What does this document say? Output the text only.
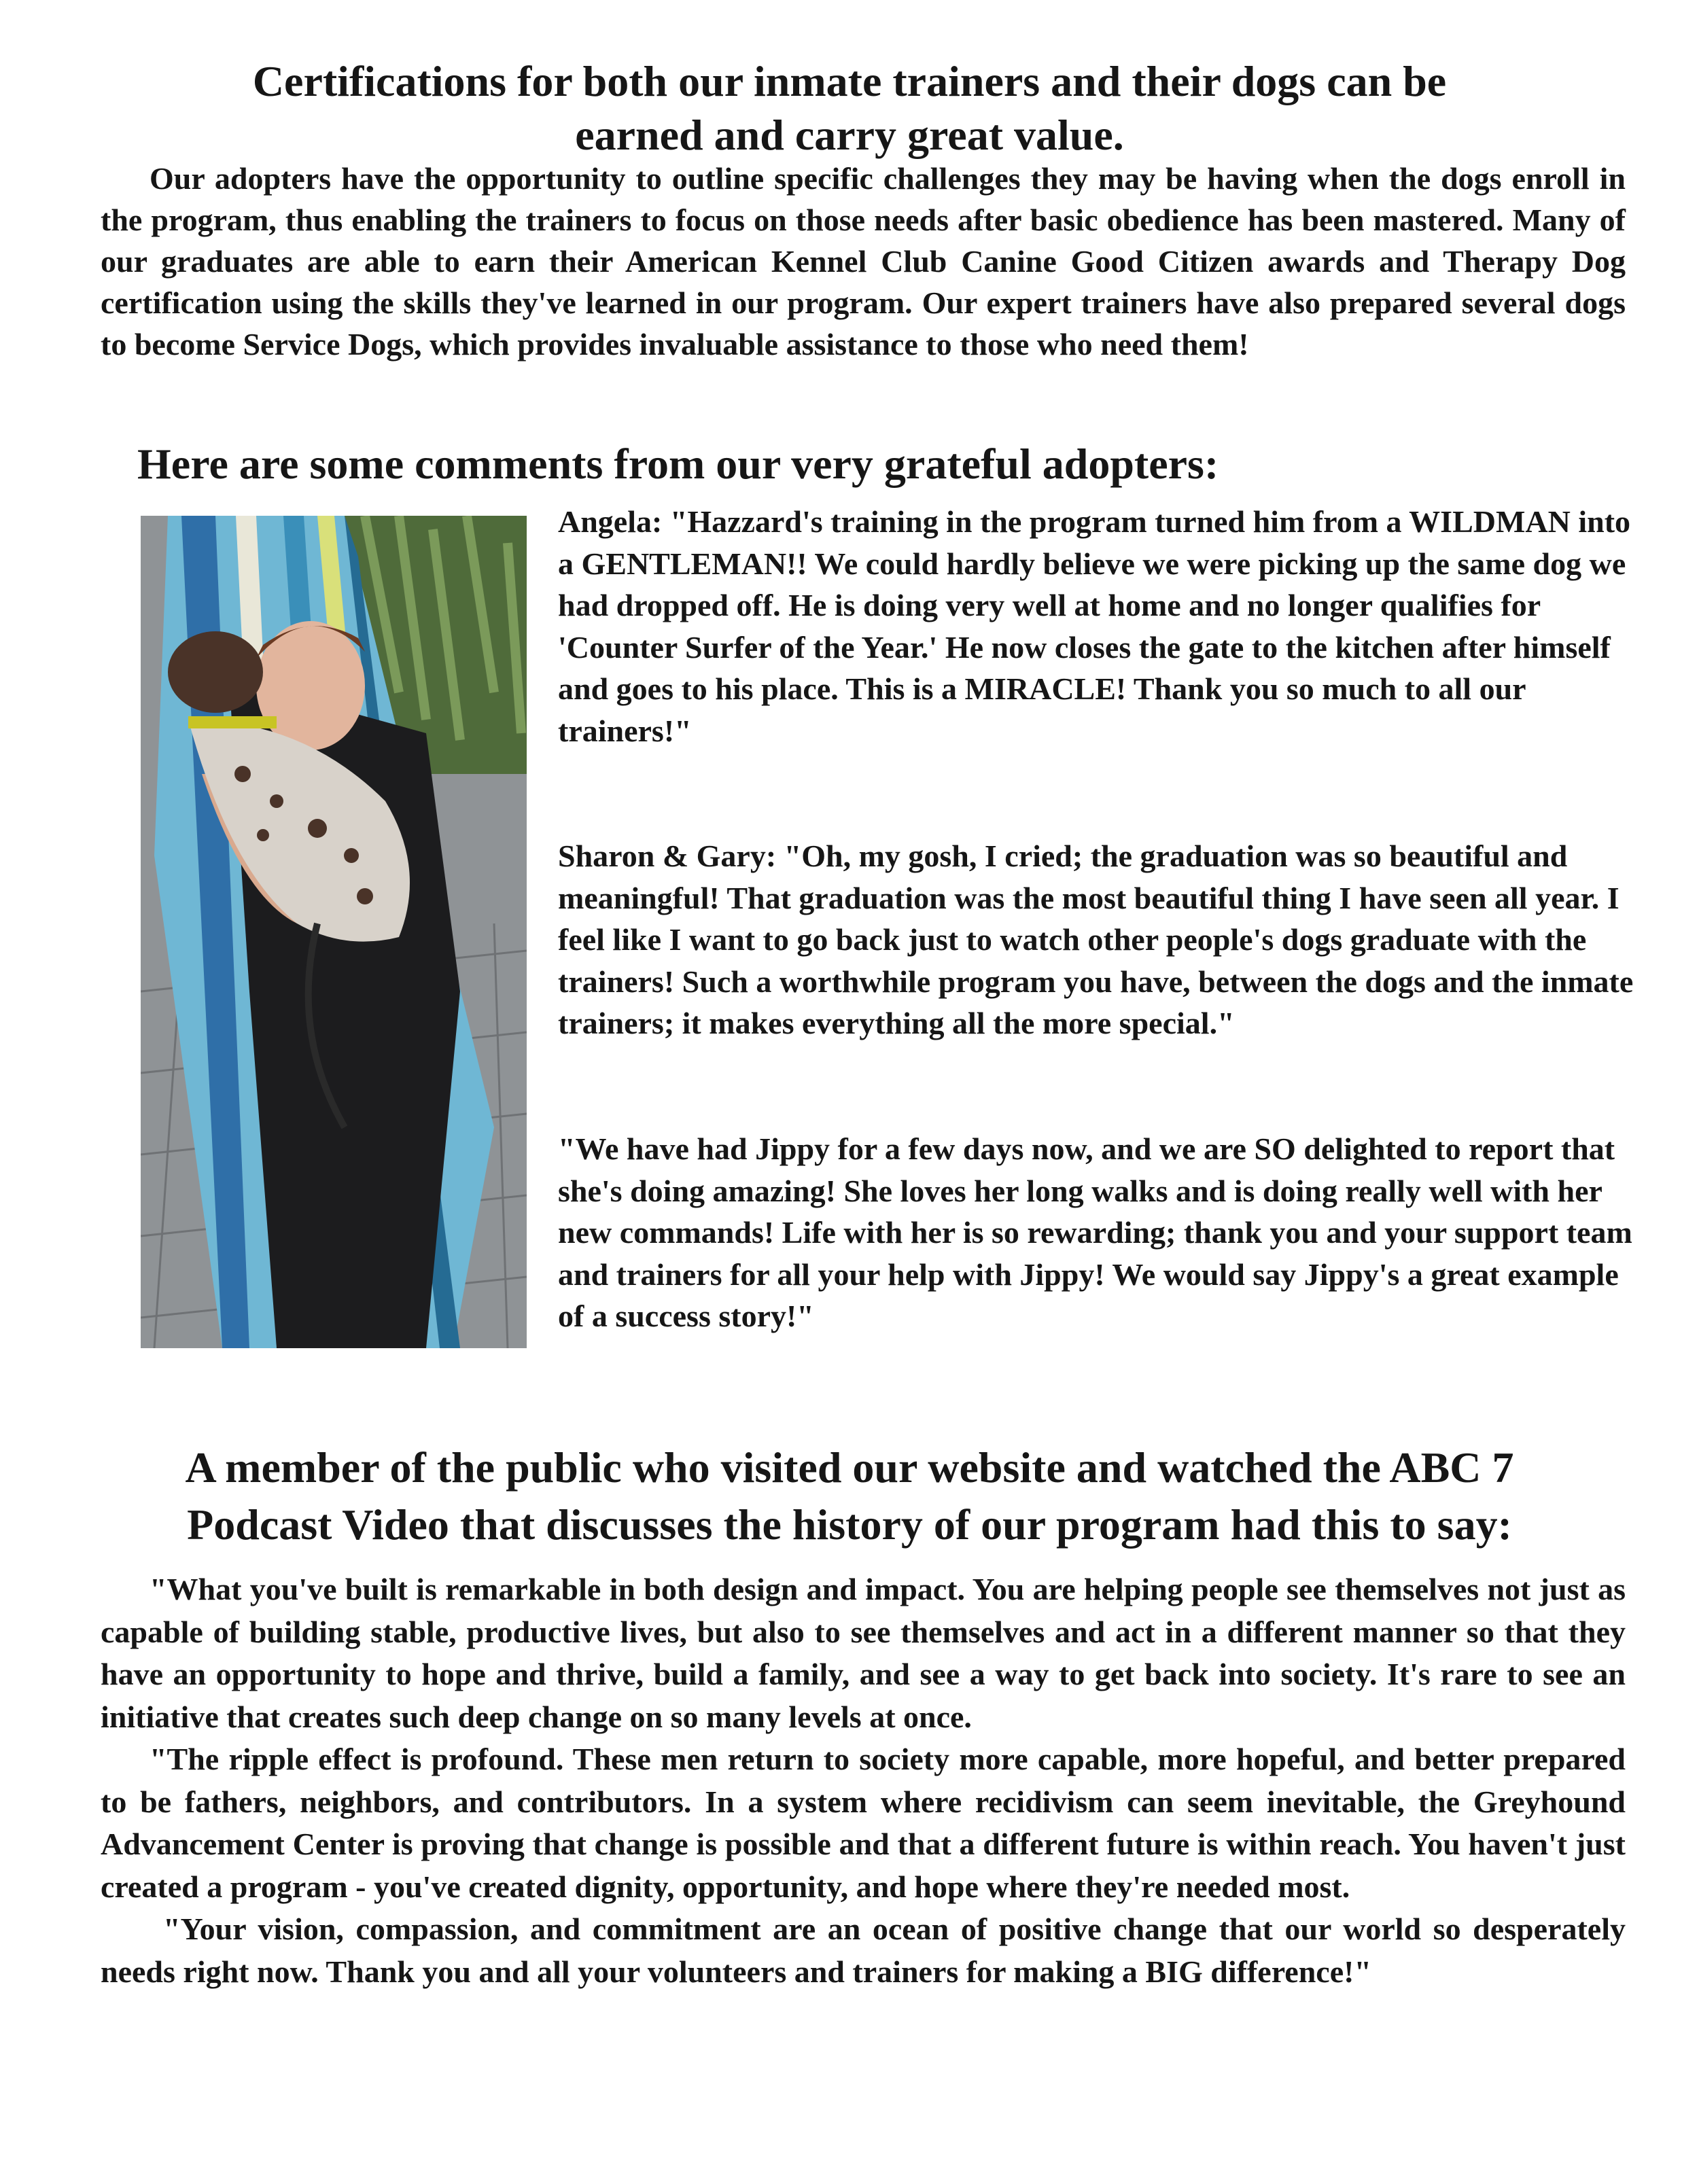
Certifications for both our inmate trainers and their dogs can be
earned and carry great value.

Our adopters have the opportunity to outline specific challenges they may be having when the dogs enroll in the program, thus enabling the trainers to focus on those needs after basic obedience has been mastered. Many of our graduates are able to earn their American Kennel Club Canine Good Citizen awards and Therapy Dog certification using the skills they've learned in our program. Our expert trainers have also prepared several dogs to become Service Dogs, which provides invaluable assistance to those who need them!

Here are some comments from our very grateful adopters:

Angela: "Hazzard's training in the program turned him from a WILDMAN into a GENTLEMAN!! We could hardly believe we were picking up the same dog we had dropped off. He is doing very well at home and no longer qualifies for 'Counter Surfer of the Year.' He now closes the gate to the kitchen after himself and goes to his place. This is a MIRACLE! Thank you so much to all our trainers!"

Sharon & Gary: "Oh, my gosh, I cried; the graduation was so beautiful and meaningful! That graduation was the most beautiful thing I have seen all year. I feel like I want to go back just to watch other people's dogs graduate with the trainers! Such a worthwhile program you have, between the dogs and the inmate trainers; it makes everything all the more special."

"We have had Jippy for a few days now, and we are SO delighted to report that she's doing amazing! She loves her long walks and is doing really well with her new commands! Life with her is so rewarding; thank you and your support team and trainers for all your help with Jippy! We would say Jippy's a great example of a success story!"

A member of the public who visited our website and watched the ABC 7
Podcast Video that discusses the history of our program had this to say:

"What you've built is remarkable in both design and impact. You are helping people see themselves not just as capable of building stable, productive lives, but also to see themselves and act in a different manner so that they have an opportunity to hope and thrive, build a family, and see a way to get back into society. It's rare to see an initiative that creates such deep change on so many levels at once.

"The ripple effect is profound. These men return to society more capable, more hopeful, and better prepared to be fathers, neighbors, and contributors. In a system where recidivism can seem inevitable, the Greyhound Advancement Center is proving that change is possible and that a different future is within reach. You haven't just created a program - you've created dignity, opportunity, and hope where they're needed most.

"Your vision, compassion, and commitment are an ocean of positive change that our world so desperately needs right now. Thank you and all your volunteers and trainers for making a BIG difference!"
